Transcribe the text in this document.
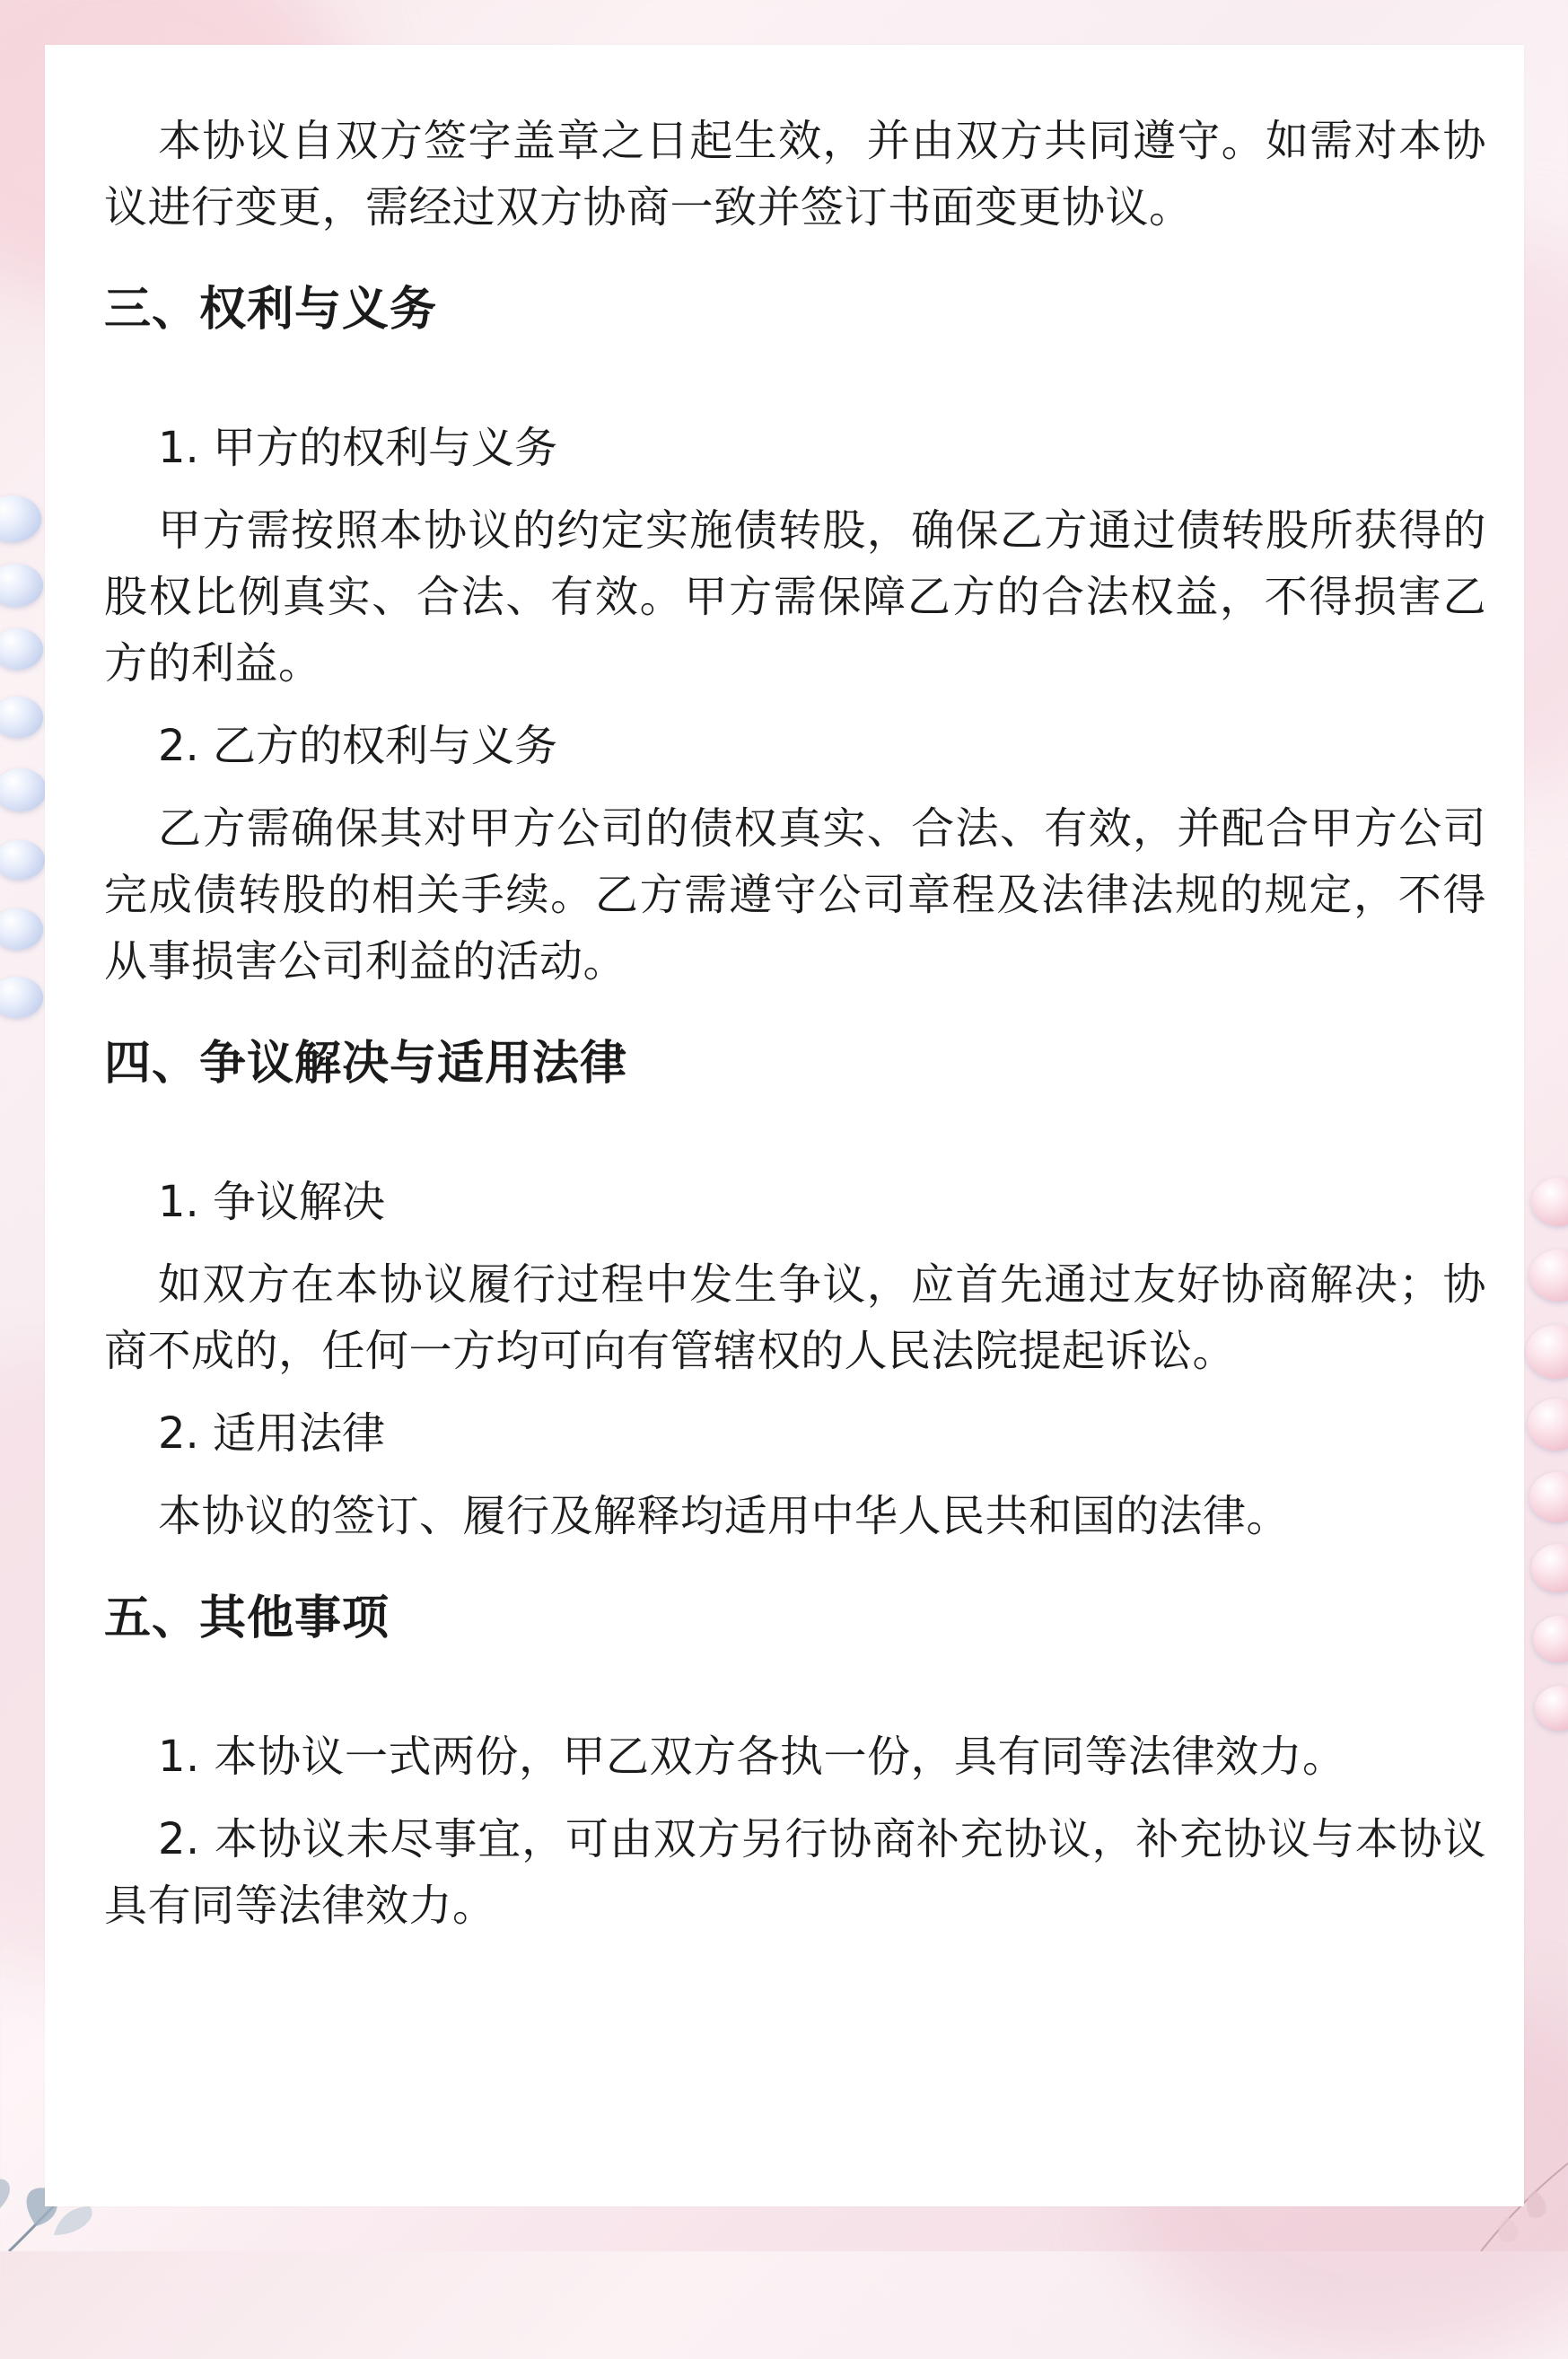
本协议自双方签字盖章之日起生效，并由双方共同遵守。如需对本协议进行变更，需经过双方协商一致并签订书面变更协议。

三、权利与义务

1. 甲方的权利与义务

甲方需按照本协议的约定实施债转股，确保乙方通过债转股所获得的股权比例真实、合法、有效。甲方需保障乙方的合法权益，不得损害乙方的利益。

2. 乙方的权利与义务

乙方需确保其对甲方公司的债权真实、合法、有效，并配合甲方公司完成债转股的相关手续。乙方需遵守公司章程及法律法规的规定，不得从事损害公司利益的活动。

四、争议解决与适用法律

1. 争议解决

如双方在本协议履行过程中发生争议，应首先通过友好协商解决；协商不成的，任何一方均可向有管辖权的人民法院提起诉讼。

2. 适用法律

本协议的签订、履行及解释均适用中华人民共和国的法律。

五、其他事项

1. 本协议一式两份，甲乙双方各执一份，具有同等法律效力。

2. 本协议未尽事宜，可由双方另行协商补充协议，补充协议与本协议具有同等法律效力。
